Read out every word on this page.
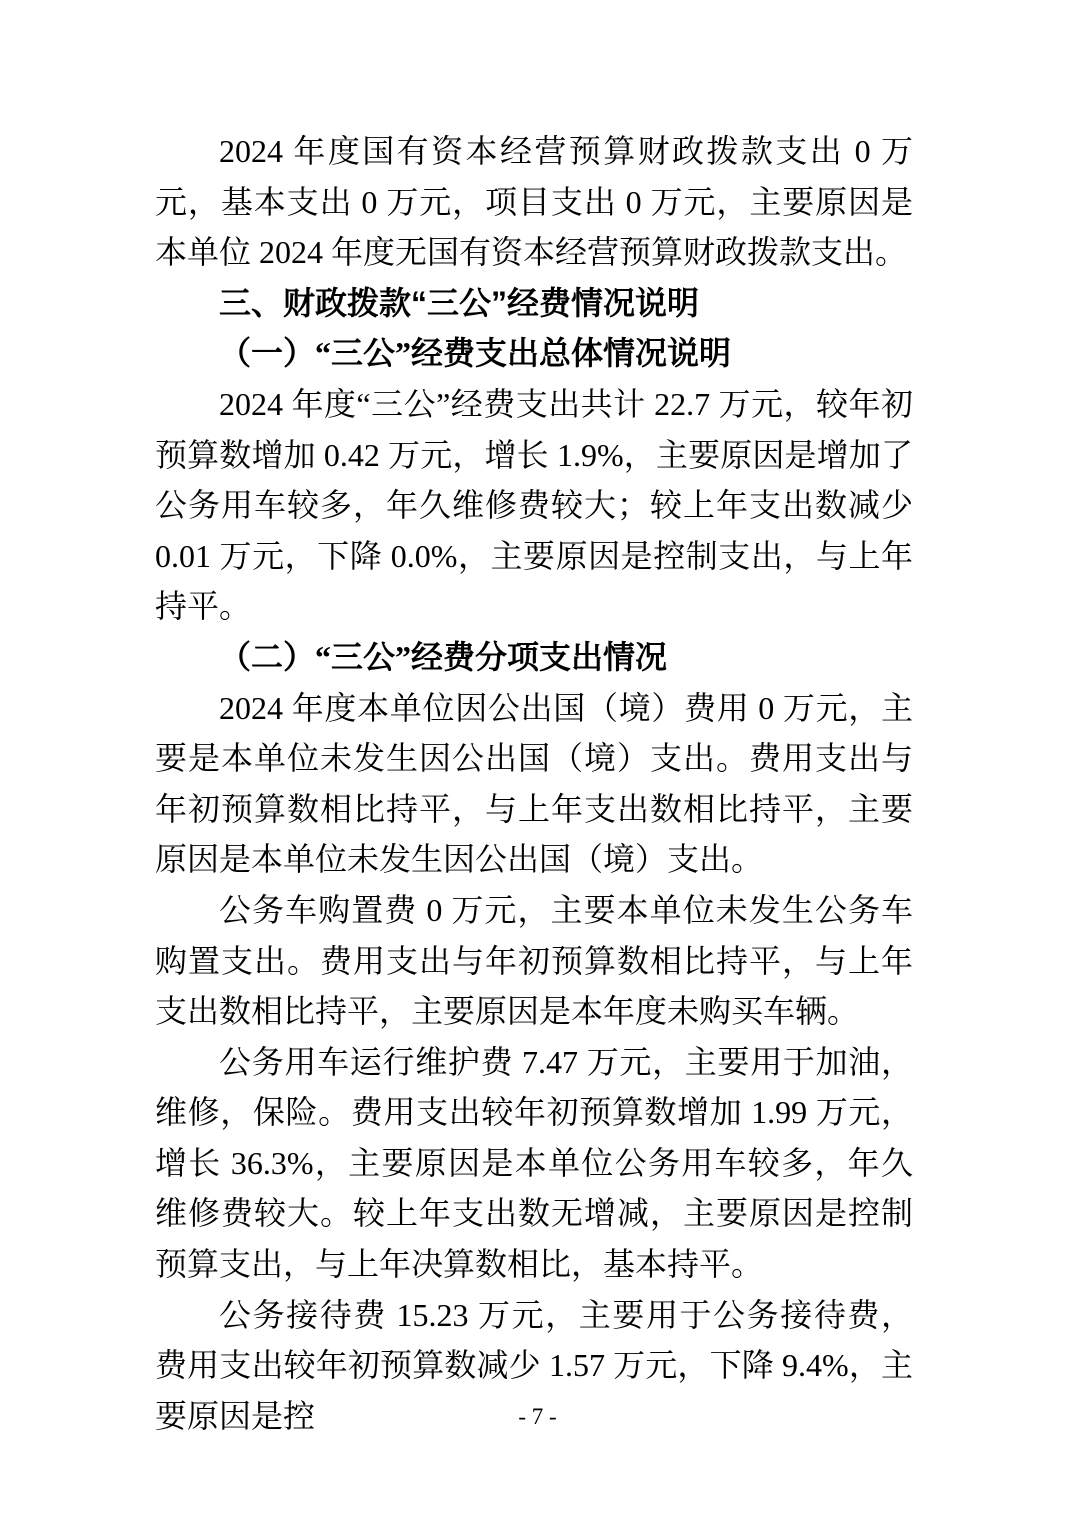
2024 年度国有资本经营预算财政拨款支出 0 万元，基本支出 0 万元，项目支出 0 万元，主要原因是本单位 2024 年度无国有资本经营预算财政拨款支出。

三、财政拨款“三公”经费情况说明

（一）“三公”经费支出总体情况说明

2024 年度“三公”经费支出共计 22.7 万元，较年初预算数增加 0.42 万元，增长 1.9%，主要原因是增加了公务用车较多，年久维修费较大；较上年支出数减少 0.01 万元，下降 0.0%，主要原因是控制支出，与上年持平。

（二）“三公”经费分项支出情况

2024 年度本单位因公出国（境）费用 0 万元，主要是本单位未发生因公出国（境）支出。费用支出与年初预算数相比持平，与上年支出数相比持平，主要原因是本单位未发生因公出国（境）支出。

公务车购置费 0 万元，主要本单位未发生公务车购置支出。费用支出与年初预算数相比持平，与上年支出数相比持平，主要原因是本年度未购买车辆。

公务用车运行维护费 7.47 万元，主要用于加油，维修，保险。费用支出较年初预算数增加 1.99 万元，增长 36.3%，主要原因是本单位公务用车较多，年久维修费较大。较上年支出数无增减，主要原因是控制预算支出，与上年决算数相比，基本持平。

公务接待费 15.23 万元，主要用于公务接待费，费用支出较年初预算数减少 1.57 万元，下降 9.4%，主要原因是控	- 7 -
